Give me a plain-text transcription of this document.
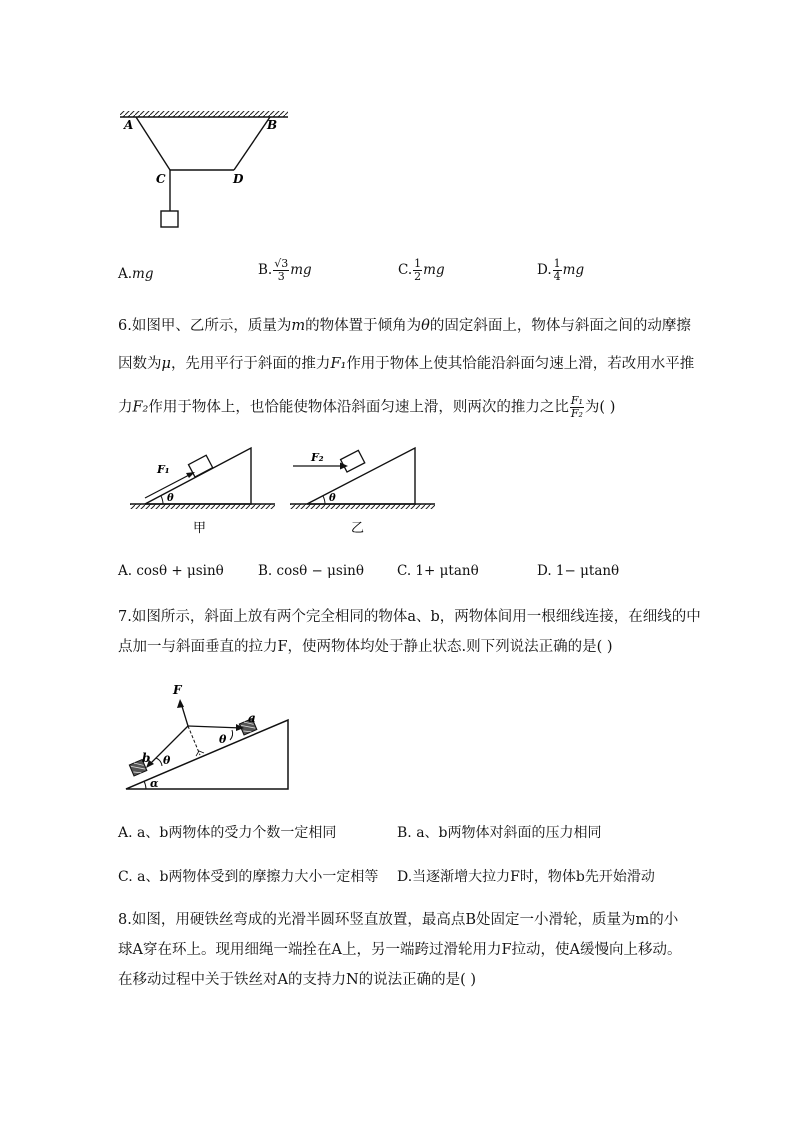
A	B
C	D
A.mg	B. $\frac{√3}{3}$ mg	C. $\frac{1}{2}$ mg	D. $\frac{1}{4}$ mg
6.如图甲、乙所示，质量为m的物体置于倾角为θ的固定斜面上，物体与斜面之间的动摩擦
因数为μ，先用平行于斜面的推力F₁作用于物体上使其恰能沿斜面匀速上滑，若改用水平推
力F₂作用于物体上，也恰能使物体沿斜面匀速上滑，则两次的推力之比 $\frac{\text{F₁}}{\text{F₂}}$ 为( )
F₁
θ
甲
F₂
θ
乙
A. cosθ + μsinθ	B. cosθ − μsinθ C. 1+ μtanθ	D. 1− μtanθ
7.如图所示，斜面上放有两个完全相同的物体a、b，两物体间用一根细线连接，在细线的中
点加一与斜面垂直的拉力F，使两物体均处于静止状态.则下列说法正确的是( )
F
a
b
θ
θ
α
A. a、b两物体的受力个数一定相同	B. a、b两物体对斜面的压力相同
C. a、b两物体受到的摩擦力大小一定相等 D.当逐渐增大拉力F时，物体b先开始滑动
8.如图，用硬铁丝弯成的光滑半圆环竖直放置，最高点B处固定一小滑轮，质量为m的小
球A穿在环上。现用细绳一端拴在A上，另一端跨过滑轮用力F拉动，使A缓慢向上移动。
在移动过程中关于铁丝对A的支持力N的说法正确的是( )
